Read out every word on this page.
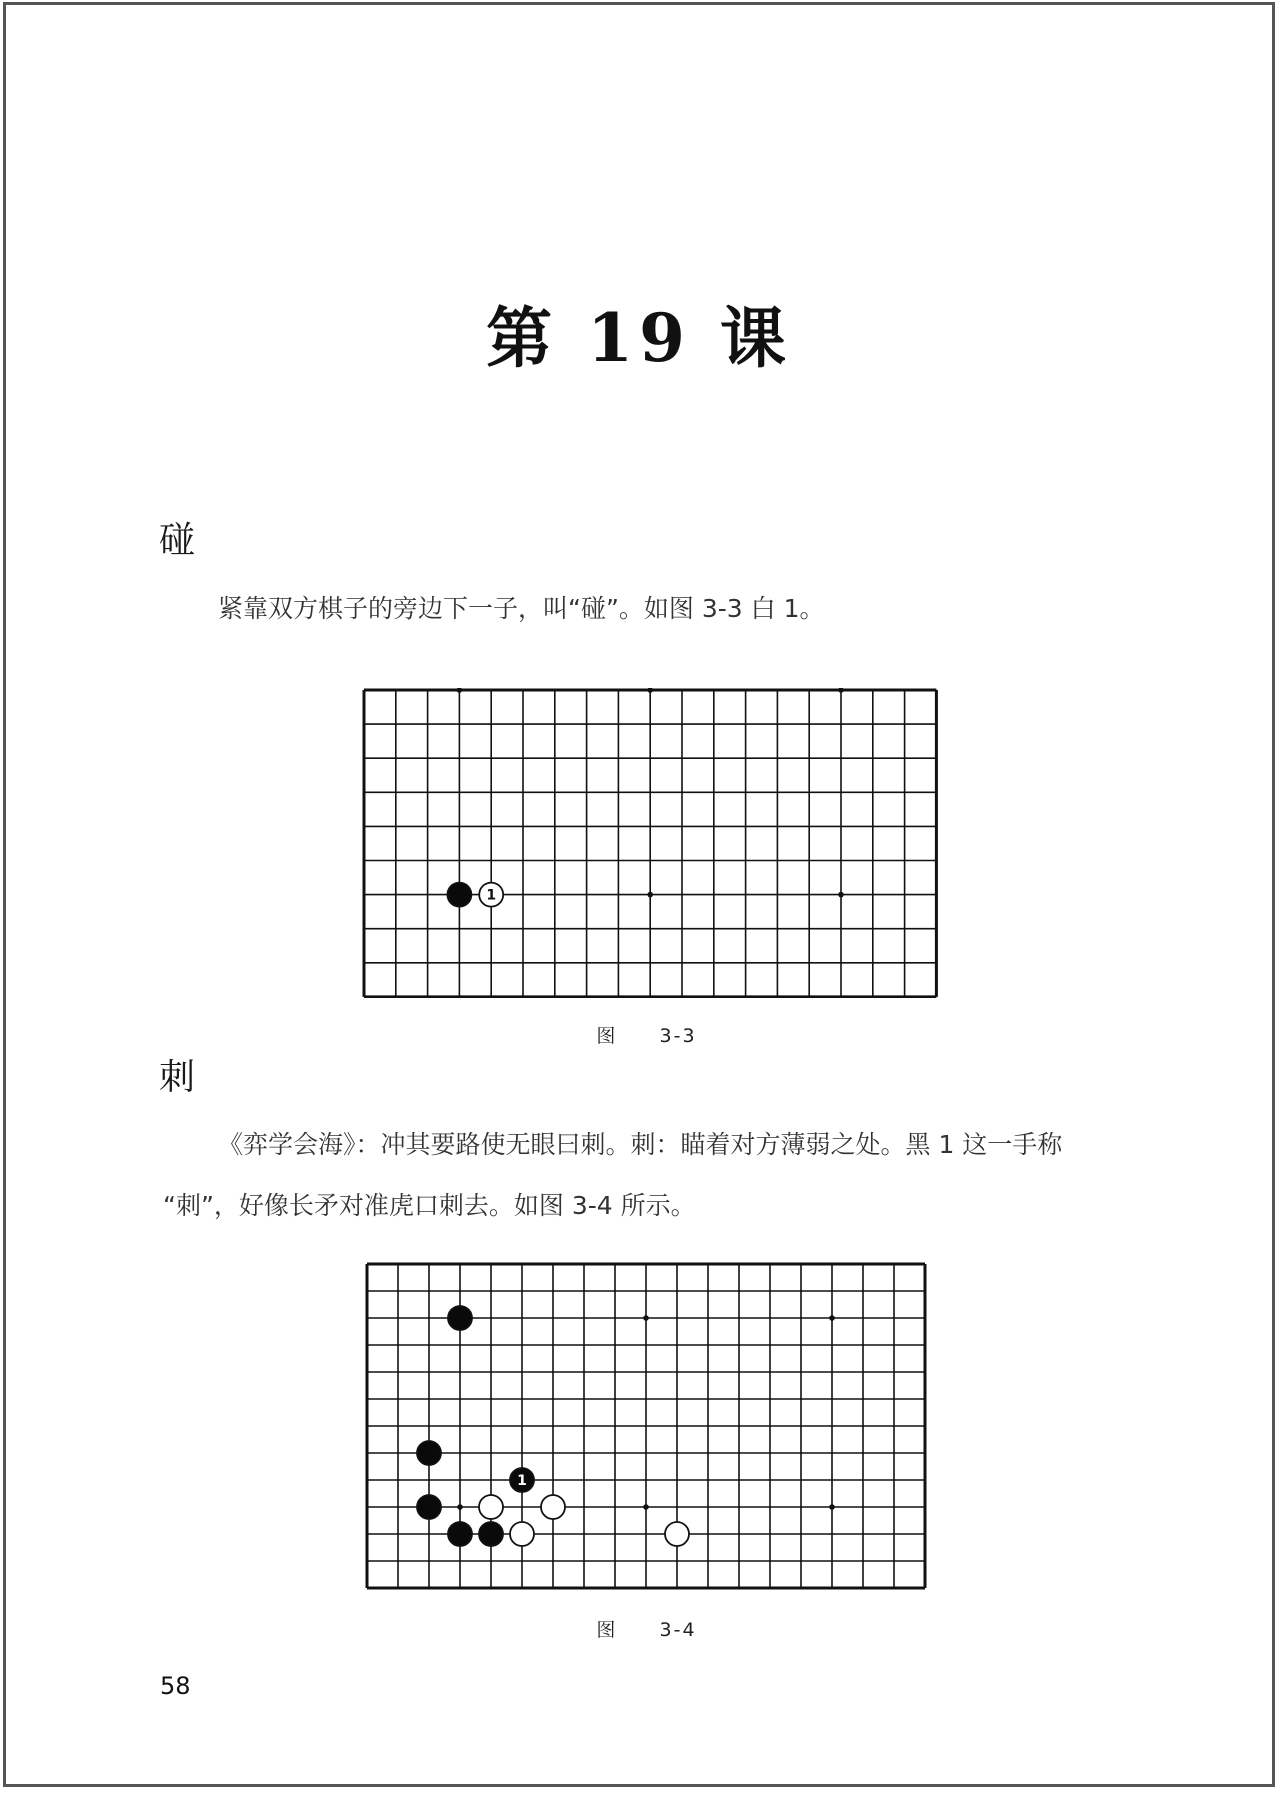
第 19 课
碰
紧靠双方棋子的旁边下一子，叫“碰”。如图 3-3 白 1。
1
图 3-3
刺
《弈学会海》：冲其要路使无眼曰刺。刺：瞄着对方薄弱之处。黑 1 这一手称
“刺”，好像长矛对准虎口刺去。如图 3-4 所示。
1
图 3-4
58
